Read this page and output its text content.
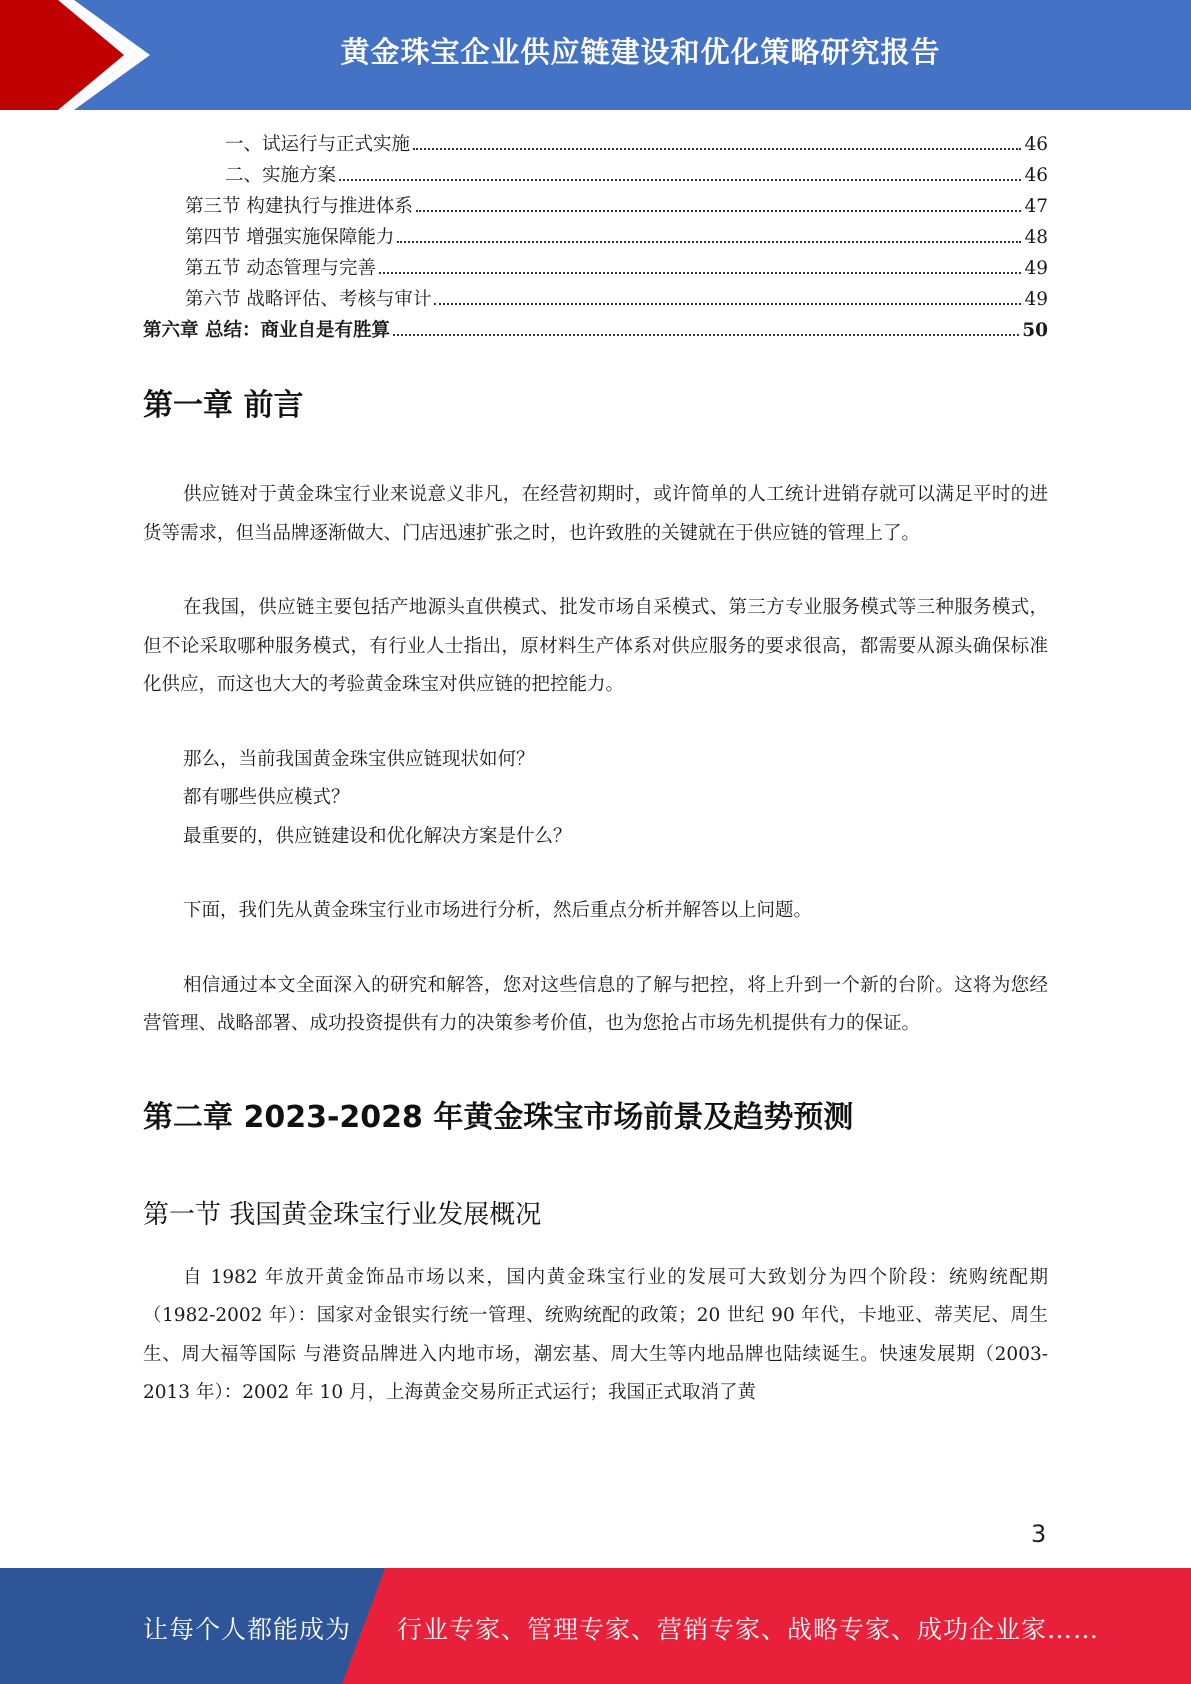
黄金珠宝企业供应链建设和优化策略研究报告
一、试运行与正式实施	46
二、实施方案	46
第三节 构建执行与推进体系	47
第四节 增强实施保障能力	48
第五节 动态管理与完善	49
第六节 战略评估、考核与审计	49
第六章 总结：商业自是有胜算	50
第一章 前言
供应链对于黄金珠宝行业来说意义非凡，在经营初期时，或许简单的人工统计进销存就可以满足平时的进货等需求，但当品牌逐渐做大、门店迅速扩张之时，也许致胜的关键就在于供应链的管理上了。
在我国，供应链主要包括产地源头直供模式、批发市场自采模式、第三方专业服务模式等三种服务模式，但不论采取哪种服务模式，有行业人士指出，原材料生产体系对供应服务的要求很高，都需要从源头确保标准化供应，而这也大大的考验黄金珠宝对供应链的把控能力。
那么，当前我国黄金珠宝供应链现状如何？
都有哪些供应模式？
最重要的，供应链建设和优化解决方案是什么？
下面，我们先从黄金珠宝行业市场进行分析，然后重点分析并解答以上问题。
相信通过本文全面深入的研究和解答，您对这些信息的了解与把控，将上升到一个新的台阶。这将为您经营管理、战略部署、成功投资提供有力的决策参考价值，也为您抢占市场先机提供有力的保证。
第二章 2023-2028 年黄金珠宝市场前景及趋势预测
第一节 我国黄金珠宝行业发展概况
自 1982 年放开黄金饰品市场以来，国内黄金珠宝行业的发展可大致划分为四个阶段：统购统配期（1982-2002 年）：国家对金银实行统一管理、统购统配的政策；20 世纪 90 年代，卡地亚、蒂芙尼、周生生、周大福等国际 与港资品牌进入内地市场，潮宏基、周大生等内地品牌也陆续诞生。快速发展期（2003-2013 年）：2002 年 10 月，上海黄金交易所正式运行；我国正式取消了黄
3
让每个人都能成为 行业专家、管理专家、营销专家、战略专家、成功企业家……
